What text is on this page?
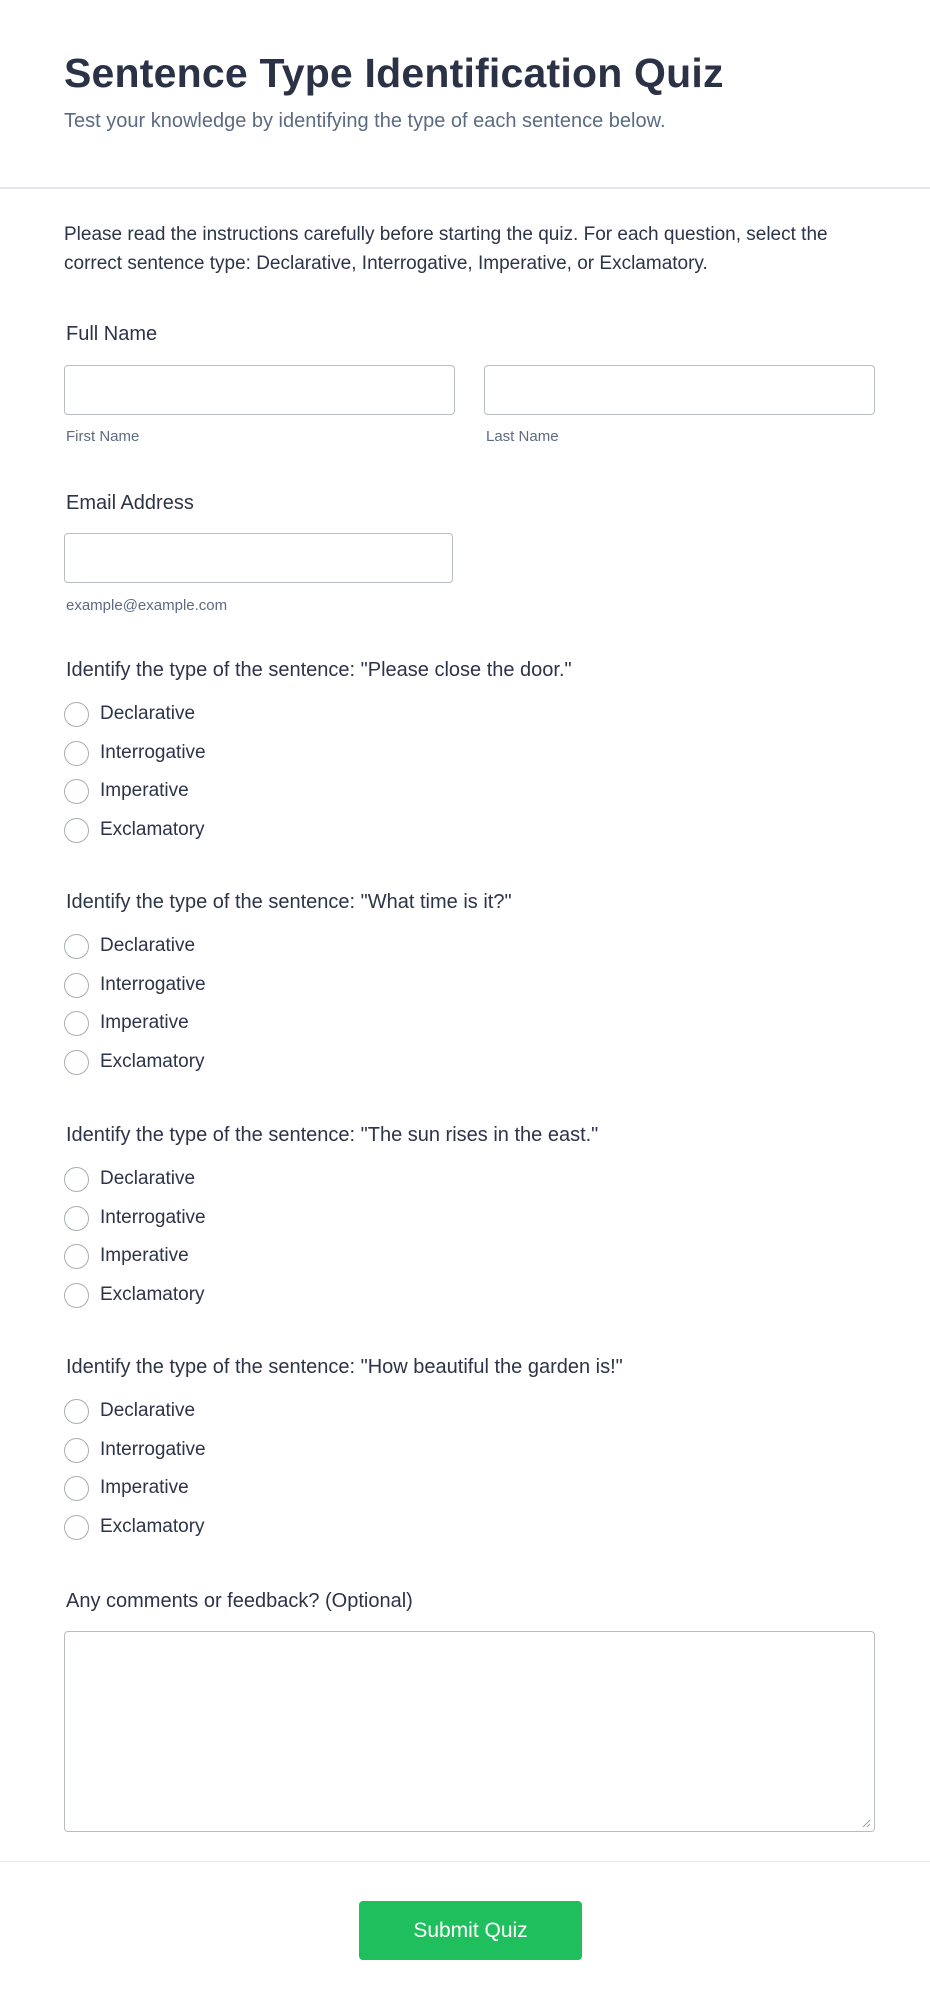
Sentence Type Identification Quiz

Test your knowledge by identifying the type of each sentence below.

Please read the instructions carefully before starting the quiz. For each question, select the correct sentence type: Declarative, Interrogative, Imperative, or Exclamatory.

Full Name
First Name	Last Name
Email Address
example@example.com
Identify the type of the sentence: "Please close the door."
Declarative
Interrogative
Imperative
Exclamatory
Identify the type of the sentence: "What time is it?"
Declarative
Interrogative
Imperative
Exclamatory
Identify the type of the sentence: "The sun rises in the east."
Declarative
Interrogative
Imperative
Exclamatory
Identify the type of the sentence: "How beautiful the garden is!"
Declarative
Interrogative
Imperative
Exclamatory
Any comments or feedback? (Optional)
Submit Quiz
